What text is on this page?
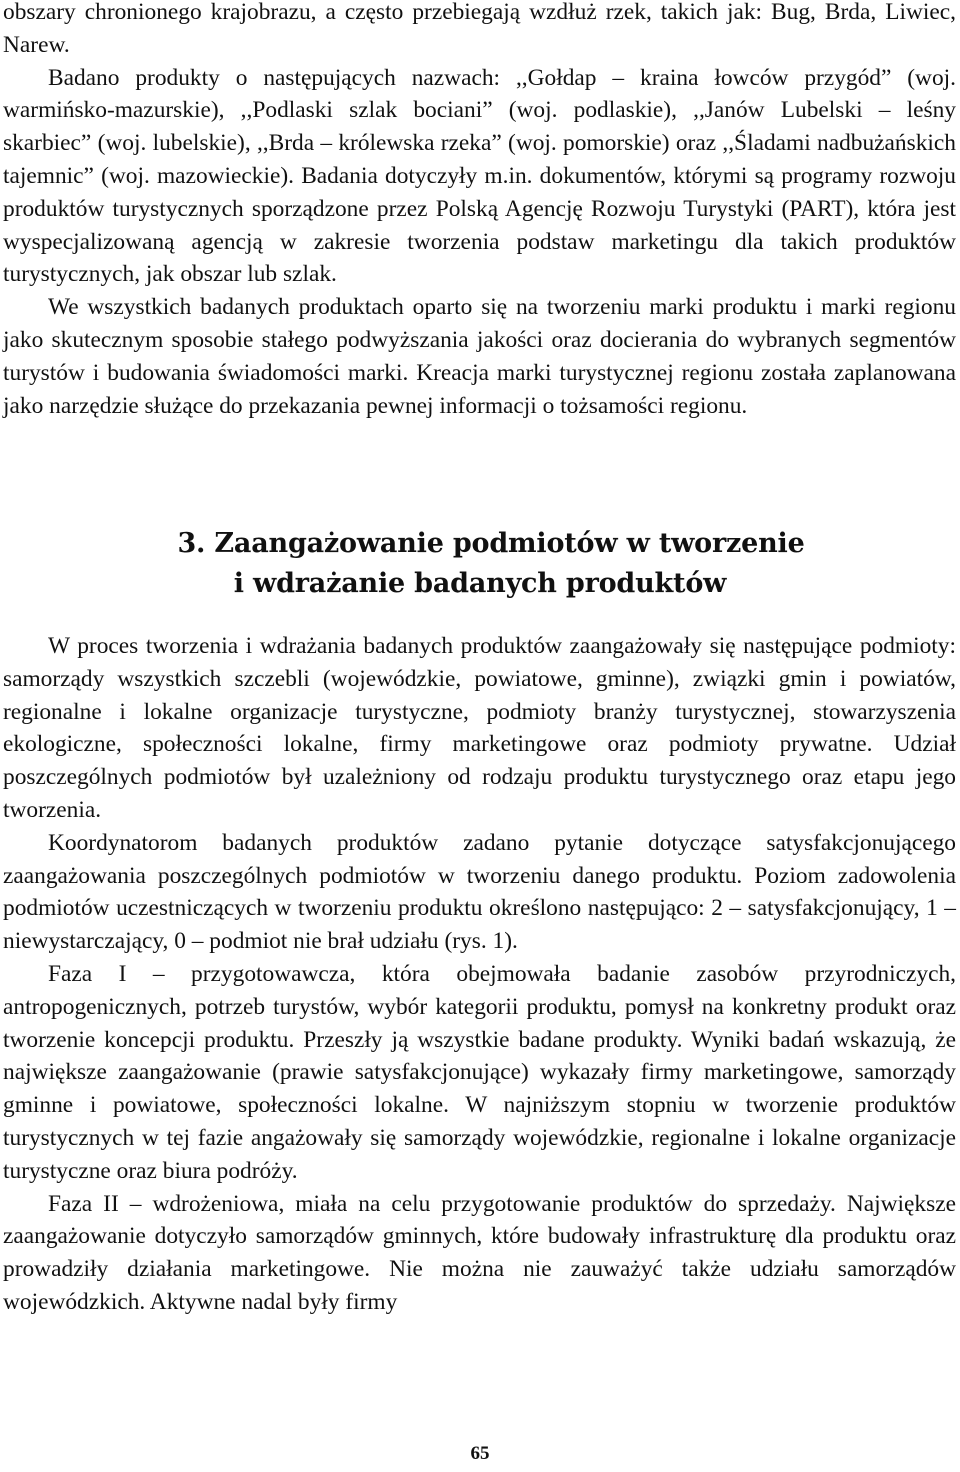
obszary chronionego krajobrazu, a często przebiegają wzdłuż rzek, takich jak: Bug, Brda, Liwiec, Narew.

Badano produkty o następujących nazwach: ,,Gołdap – kraina łowców przygód” (woj. warmińsko-mazurskie), ,,Podlaski szlak bociani” (woj. podlaskie), ,,Janów Lubelski – leśny skarbiec” (woj. lubelskie), ,,Brda – królewska rzeka” (woj. pomorskie) oraz ,,Śladami nadbużańskich tajemnic” (woj. mazowieckie). Badania dotyczyły m.in. dokumentów, którymi są programy rozwoju produktów turystycznych sporządzone przez Polską Agencję Rozwoju Turystyki (PART), która jest wyspecjalizowaną agencją w zakresie tworzenia podstaw marketingu dla takich produktów turystycznych, jak obszar lub szlak.

We wszystkich badanych produktach oparto się na tworzeniu marki produktu i marki regionu jako skutecznym sposobie stałego podwyższania jakości oraz docierania do wybranych segmentów turystów i budowania świadomości marki. Kreacja marki turystycznej regionu została zaplanowana jako narzędzie służące do przekazania pewnej informacji o tożsamości regionu.

3. Zaangażowanie podmiotów w tworzenie
i wdrażanie badanych produktów

W proces tworzenia i wdrażania badanych produktów zaangażowały się następujące podmioty: samorządy wszystkich szczebli (wojewódzkie, powiatowe, gminne), związki gmin i powiatów, regionalne i lokalne organizacje turystyczne, podmioty branży turystycznej, stowarzyszenia ekologiczne, społeczności lokalne, firmy marketingowe oraz podmioty prywatne. Udział poszczególnych podmiotów był uzależniony od rodzaju produktu turystycznego oraz etapu jego tworzenia.

Koordynatorom badanych produktów zadano pytanie dotyczące satysfakcjonującego zaangażowania poszczególnych podmiotów w tworzeniu danego produktu. Poziom zadowolenia podmiotów uczestniczących w tworzeniu produktu określono następująco: 2 – satysfakcjonujący, 1 – niewystarczający, 0 – podmiot nie brał udziału (rys. 1).

Faza I – przygotowawcza, która obejmowała badanie zasobów przyrodniczych, antropogenicznych, potrzeb turystów, wybór kategorii produktu, pomysł na konkretny produkt oraz tworzenie koncepcji produktu. Przeszły ją wszystkie badane produkty. Wyniki badań wskazują, że największe zaangażowanie (prawie satysfakcjonujące) wykazały firmy marketingowe, samorządy gminne i powiatowe, społeczności lokalne. W najniższym stopniu w tworzenie produktów turystycznych w tej fazie angażowały się samorządy wojewódzkie, regionalne i lokalne organizacje turystyczne oraz biura podróży.

Faza II – wdrożeniowa, miała na celu przygotowanie produktów do sprzedaży. Największe zaangażowanie dotyczyło samorządów gminnych, które budowały infrastrukturę dla produktu oraz prowadziły działania marketingowe. Nie można nie zauważyć także udziału samorządów wojewódzkich. Aktywne nadal były firmy

65
